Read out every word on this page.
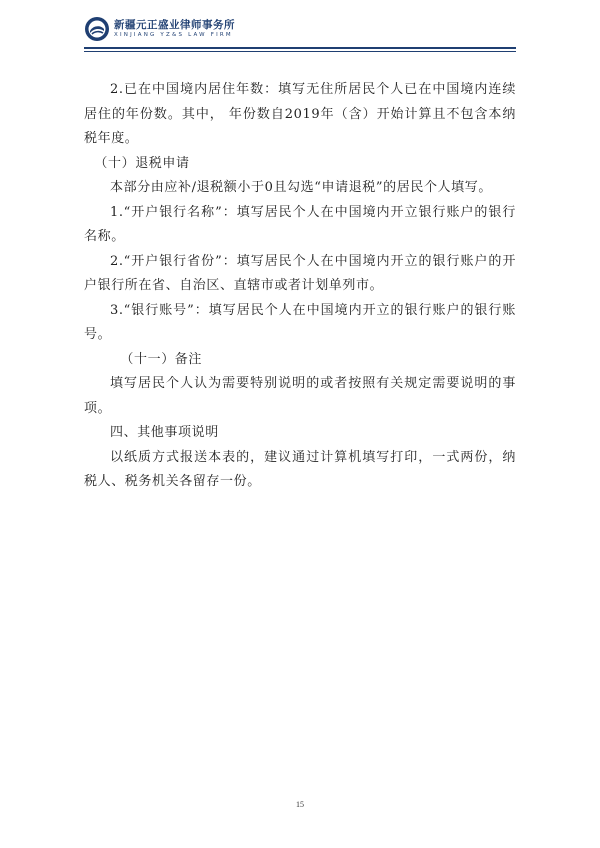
新疆元正盛业律师事务所
XINJIANG YZ&S LAW FIRM

2.已在中国境内居住年数：填写无住所居民个人已在中国境内连续居住的年份数。其中， 年份数自2019年（含）开始计算且不包含本纳税年度。

（十）退税申请

本部分由应补/退税额小于0且勾选“申请退税”的居民个人填写。

1.“开户银行名称”：填写居民个人在中国境内开立银行账户的银行名称。

2.“开户银行省份”：填写居民个人在中国境内开立的银行账户的开户银行所在省、自治区、直辖市或者计划单列市。

3.“银行账号”：填写居民个人在中国境内开立的银行账户的银行账号。

（十一）备注

填写居民个人认为需要特别说明的或者按照有关规定需要说明的事项。

四、其他事项说明

以纸质方式报送本表的，建议通过计算机填写打印，一式两份，纳税人、税务机关各留存一份。

15
